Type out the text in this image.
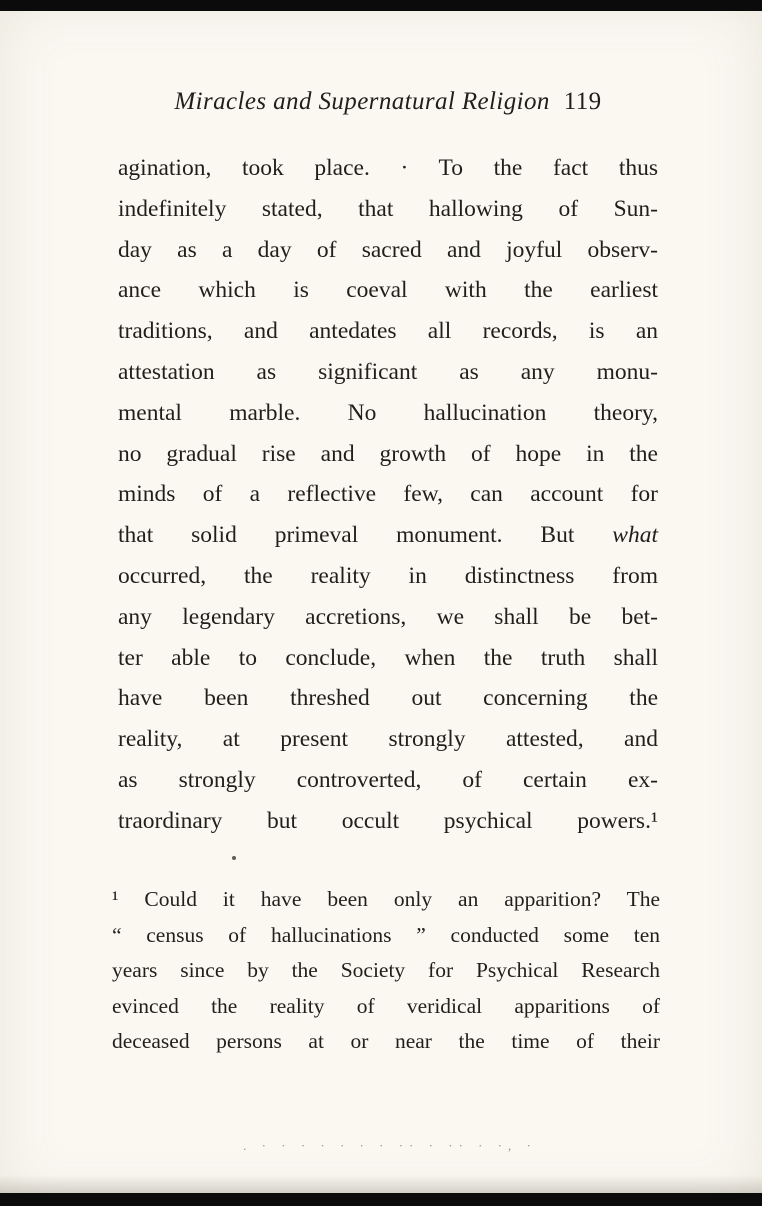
Miracles and Supernatural Religion 119
agination, took place. · To the fact thus
indefinitely stated, that hallowing of Sun-
day as a day of sacred and joyful observ-
ance which is coeval with the earliest
traditions, and antedates all records, is an
attestation as significant as any monu-
mental marble. No hallucination theory,
no gradual rise and growth of hope in the
minds of a reflective few, can account for
that solid primeval monument. But what
occurred, the reality in distinctness from
any legendary accretions, we shall be bet-
ter able to conclude, when the truth shall
have been threshed out concerning the
reality, at present strongly attested, and
as strongly controverted, of certain ex-
traordinary but occult psychical powers.¹
¹ Could it have been only an apparition? The
“ census of hallucinations ” conducted some ten
years since by the Society for Psychical Research
evinced the reality of veridical apparitions of
deceased persons at or near the time of their
. · · · · · · · ·· · ·· · ·, ·
